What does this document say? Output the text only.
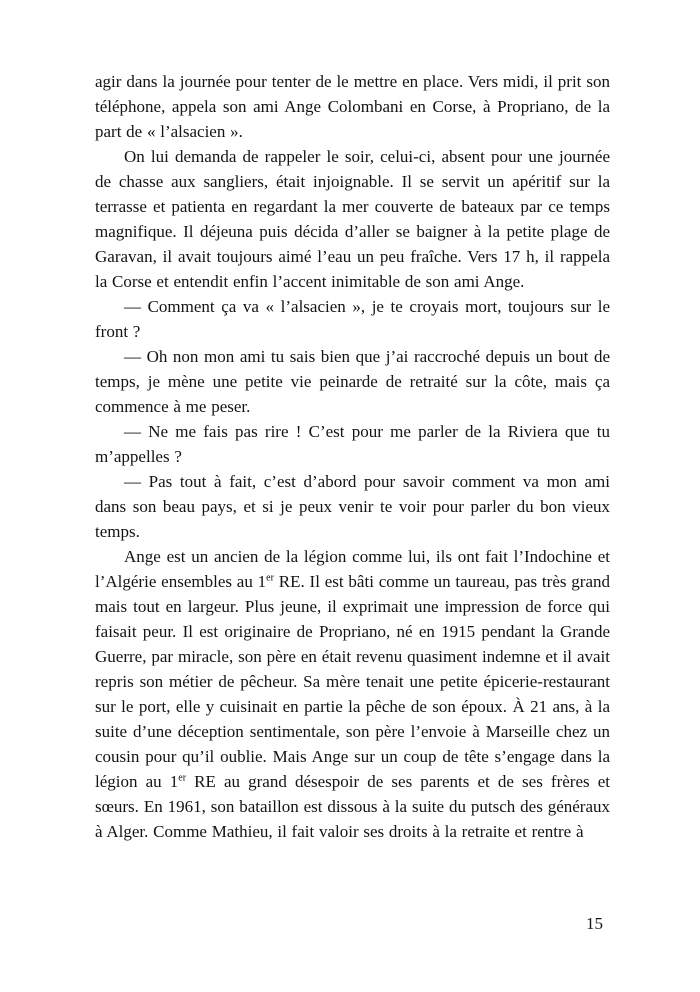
agir dans la journée pour tenter de le mettre en place. Vers midi, il prit son téléphone, appela son ami Ange Colombani en Corse, à Propriano, de la part de « l’alsacien ».

On lui demanda de rappeler le soir, celui-ci, absent pour une journée de chasse aux sangliers, était injoignable. Il se servit un apéritif sur la terrasse et patienta en regardant la mer couverte de bateaux par ce temps magnifique. Il déjeuna puis décida d’aller se baigner à la petite plage de Garavan, il avait toujours aimé l’eau un peu fraîche. Vers 17 h, il rappela la Corse et entendit enfin l’accent inimitable de son ami Ange.

— Comment ça va « l’alsacien », je te croyais mort, toujours sur le front ?

— Oh non mon ami tu sais bien que j’ai raccroché depuis un bout de temps, je mène une petite vie peinarde de retraité sur la côte, mais ça commence à me peser.

— Ne me fais pas rire ! C’est pour me parler de la Riviera que tu m’appelles ?

— Pas tout à fait, c’est d’abord pour savoir comment va mon ami dans son beau pays, et si je peux venir te voir pour parler du bon vieux temps.

Ange est un ancien de la légion comme lui, ils ont fait l’Indochine et l’Algérie ensembles au 1er RE. Il est bâti comme un taureau, pas très grand mais tout en largeur. Plus jeune, il exprimait une impression de force qui faisait peur. Il est originaire de Propriano, né en 1915 pendant la Grande Guerre, par miracle, son père en était revenu quasiment indemne et il avait repris son métier de pêcheur. Sa mère tenait une petite épicerie-restaurant sur le port, elle y cuisinait en partie la pêche de son époux. À 21 ans, à la suite d’une déception sentimentale, son père l’envoie à Marseille chez un cousin pour qu’il oublie. Mais Ange sur un coup de tête s’engage dans la légion au 1er RE au grand désespoir de ses parents et de ses frères et sœurs. En 1961, son bataillon est dissous à la suite du putsch des généraux à Alger. Comme Mathieu, il fait valoir ses droits à la retraite et rentre à

15
